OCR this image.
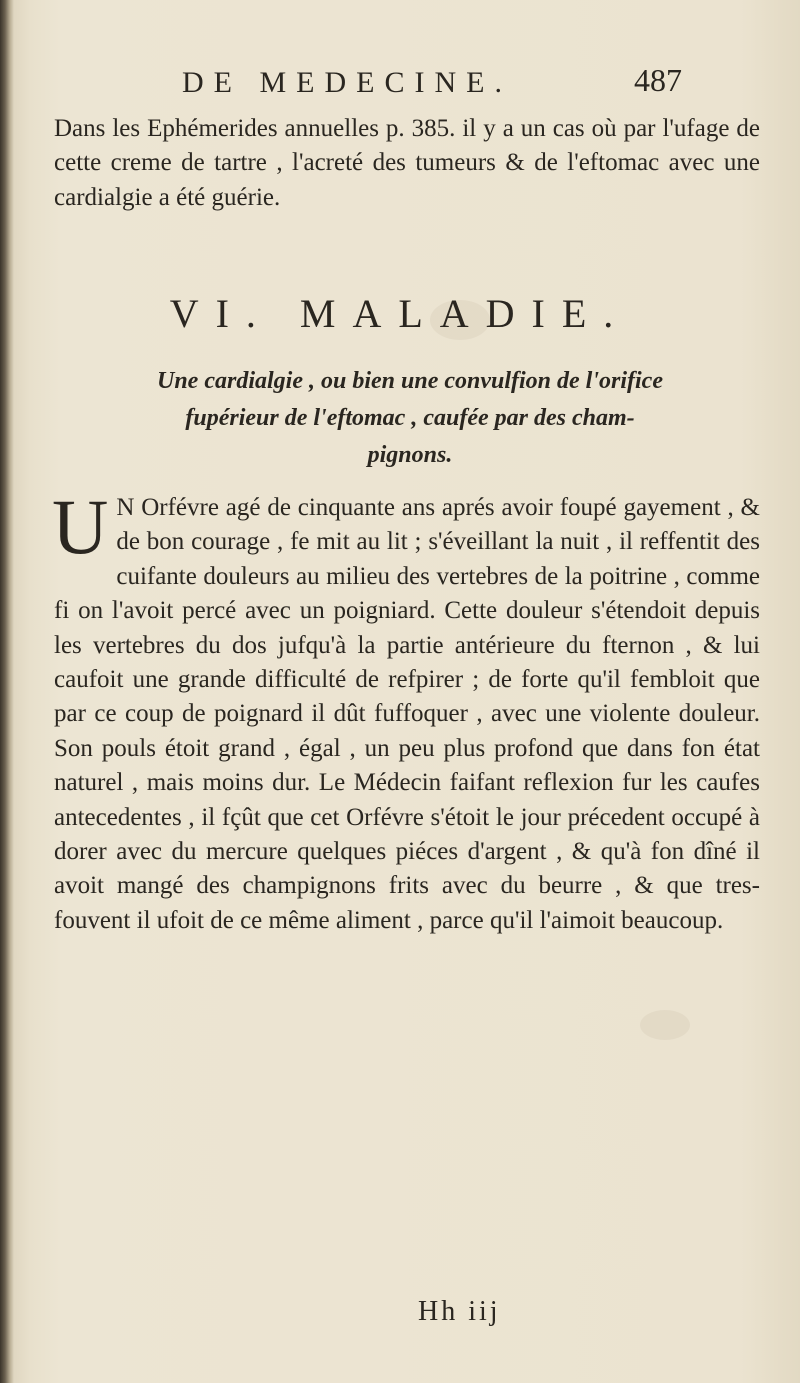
DE MEDECINE.	487

Dans les Ephémerides annuelles p. 385. il y a un cas où par l'ufage de cette creme de tartre , l'acreté des tumeurs & de l'eftomac avec une cardialgie a été guérie.

VI. MALADIE.
Une cardialgie , ou bien une convulfion de l'orifice
fupérieur de l'eftomac , caufée par des cham-
pignons.
U N Orfévre agé de cinquante ans aprés avoir foupé gayement , & de bon courage , fe mit au lit ; s'éveillant la nuit , il reffentit des cuifante douleurs au milieu des vertebres de la poitrine , comme fi on l'avoit percé avec un poigniard. Cette douleur s'étendoit depuis les vertebres du dos jufqu'à la partie antérieure du fternon , & lui caufoit une grande difficulté de refpirer ; de forte qu'il fembloit que par ce coup de poignard il dût fuffoquer , avec une violente douleur. Son pouls étoit grand , égal , un peu plus profond que dans fon état naturel , mais moins dur. Le Médecin faifant reflexion fur les caufes antecedentes , il fçût que cet Orfévre s'étoit le jour précedent occupé à dorer avec du mercure quelques piéces d'argent , & qu'à fon dîné il avoit mangé des champignons frits avec du beurre , & que tres-fouvent il ufoit de ce même aliment , parce qu'il l'aimoit beaucoup.

Hh iij
